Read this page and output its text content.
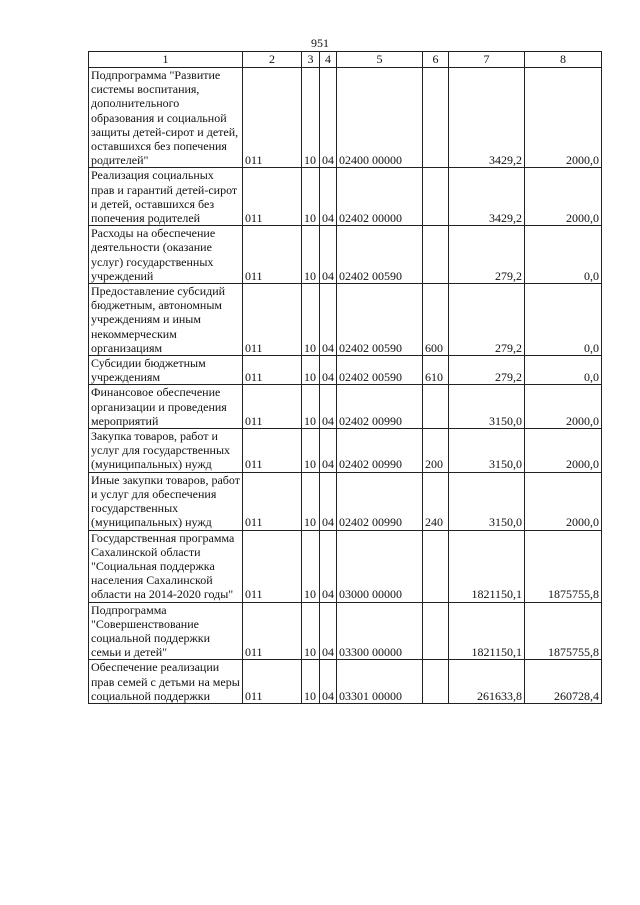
951
1	2	3	4	5	6	7	8
Подпрограмма "Развитие системы воспитания, дополнительного образования и социальной защиты детей-сирот и детей, оставшихся без попечения родителей"	011	10	04	02400 00000		3429,2	2000,0
Реализация социальных прав и гарантий детей-сирот и детей, оставшихся без попечения родителей	011	10	04	02402 00000		3429,2	2000,0
Расходы на обеспечение деятельности (оказание услуг) государственных учреждений	011	10	04	02402 00590		279,2	0,0
Предоставление субсидий бюджетным, автономным учреждениям и иным некоммерческим организациям	011	10	04	02402 00590	600	279,2	0,0
Субсидии бюджетным учреждениям	011	10	04	02402 00590	610	279,2	0,0
Финансовое обеспечение организации и проведения мероприятий	011	10	04	02402 00990		3150,0	2000,0
Закупка товаров, работ и услуг для государственных (муниципальных) нужд	011	10	04	02402 00990	200	3150,0	2000,0
Иные закупки товаров, работ и услуг для обеспечения государственных (муниципальных) нужд	011	10	04	02402 00990	240	3150,0	2000,0
Государственная программа Сахалинской области "Социальная поддержка населения Сахалинской области на 2014-2020 годы"	011	10	04	03000 00000		1821150,1	1875755,8
Подпрограмма "Совершенствование социальной поддержки семьи и детей"	011	10	04	03300 00000		1821150,1	1875755,8
Обеспечение реализации прав семей с детьми на меры социальной поддержки	011	10	04	03301 00000		261633,8	260728,4
